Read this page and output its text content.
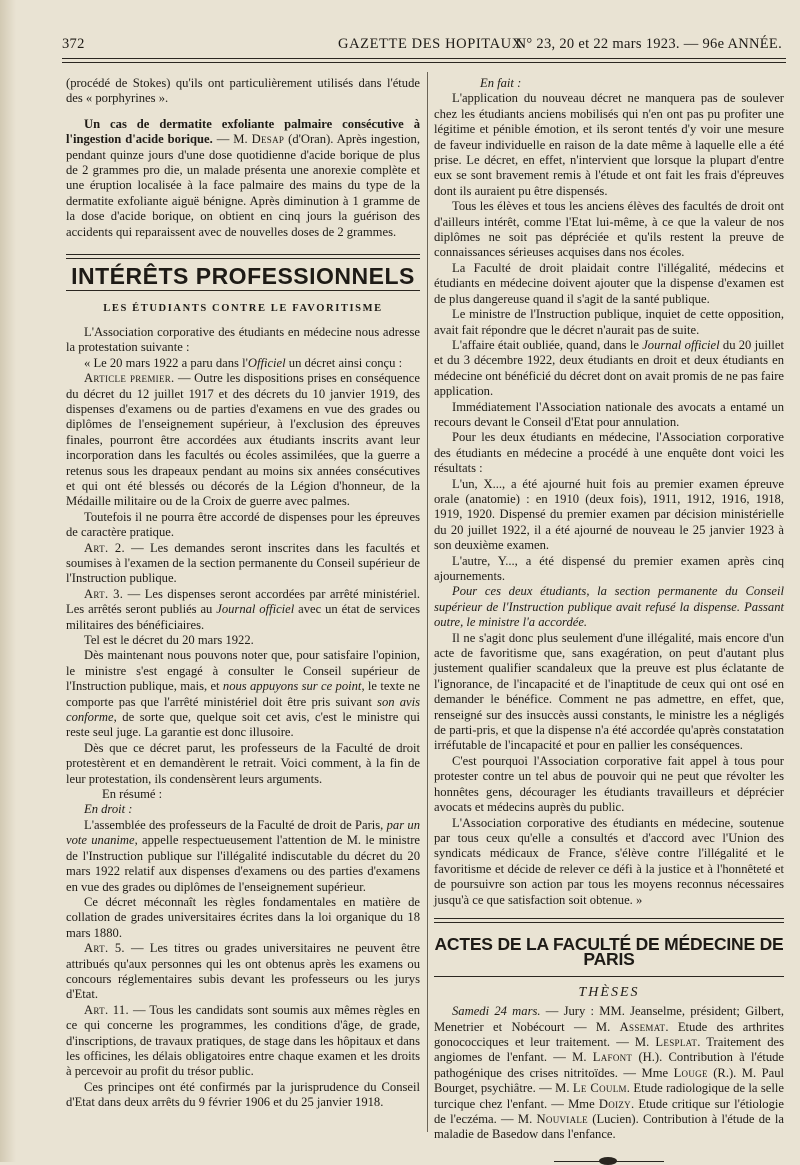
372	GAZETTE DES HOPITAUX
N° 23, 20 et 22 mars 1923. — 96e ANNÉE.

(procédé de Stokes) qu'ils ont particulièrement utilisés dans l'étude des « porphyrines ».

Un cas de dermatite exfoliante palmaire consécutive à l'ingestion d'acide borique. — M. Desap (d'Oran). Après ingestion, pendant quinze jours d'une dose quotidienne d'acide borique de plus de 2 grammes pro die, un malade présenta une anorexie complète et une éruption localisée à la face palmaire des mains du type de la dermatite exfoliante aiguë bénigne. Après diminution à 1 gramme de la dose d'acide borique, on obtient en cinq jours la guérison des accidents qui reparaissent avec de nouvelles doses de 2 grammes.

INTÉRÊTS PROFESSIONNELS

LES ÉTUDIANTS CONTRE LE FAVORITISME

L'Association corporative des étudiants en médecine nous adresse la protestation suivante :

« Le 20 mars 1922 a paru dans l'Officiel un décret ainsi conçu :

Article premier. — Outre les dispositions prises en conséquence du décret du 12 juillet 1917 et des décrets du 10 janvier 1919, des dispenses d'examens ou de parties d'examens en vue des grades ou diplômes de l'enseignement supérieur, à l'exclusion des épreuves finales, pourront être accordées aux étudiants inscrits avant leur incorporation dans les facultés ou écoles assimilées, que la guerre a retenus sous les drapeaux pendant au moins six années consécutives et qui ont été blessés ou décorés de la Légion d'honneur, de la Médaille militaire ou de la Croix de guerre avec palmes.

Toutefois il ne pourra être accordé de dispenses pour les épreuves de caractère pratique.

Art. 2. — Les demandes seront inscrites dans les facultés et soumises à l'examen de la section permanente du Conseil supérieur de l'Instruction publique.

Art. 3. — Les dispenses seront accordées par arrêté ministériel. Les arrêtés seront publiés au Journal officiel avec un état de services militaires des bénéficiaires.

Tel est le décret du 20 mars 1922.

Dès maintenant nous pouvons noter que, pour satisfaire l'opinion, le ministre s'est engagé à consulter le Conseil supérieur de l'Instruction publique, mais, et nous appuyons sur ce point, le texte ne comporte pas que l'arrêté ministériel doit être pris suivant son avis conforme, de sorte que, quelque soit cet avis, c'est le ministre qui reste seul juge. La garantie est donc illusoire.

Dès que ce décret parut, les professeurs de la Faculté de droit protestèrent et en demandèrent le retrait. Voici comment, à la fin de leur protestation, ils condensèrent leurs arguments.

En résumé :

En droit :

L'assemblée des professeurs de la Faculté de droit de Paris, par un vote unanime, appelle respectueusement l'attention de M. le ministre de l'Instruction publique sur l'illégalité indiscutable du décret du 20 mars 1922 relatif aux dispenses d'examens ou des parties d'examens en vue des grades ou diplômes de l'enseignement supérieur.

Ce décret méconnaît les règles fondamentales en matière de collation de grades universitaires écrites dans la loi organique du 18 mars 1880.

Art. 5. — Les titres ou grades universitaires ne peuvent être attribués qu'aux personnes qui les ont obtenus après les examens ou concours réglementaires subis devant les professeurs ou les jurys d'Etat.

Art. 11. — Tous les candidats sont soumis aux mêmes règles en ce qui concerne les programmes, les conditions d'âge, de grade, d'inscriptions, de travaux pratiques, de stage dans les hôpitaux et dans les officines, les délais obligatoires entre chaque examen et les droits à percevoir au profit du trésor public.

Ces principes ont été confirmés par la jurisprudence du Conseil d'Etat dans deux arrêts du 9 février 1906 et du 25 janvier 1918.

En fait :

L'application du nouveau décret ne manquera pas de soulever chez les étudiants anciens mobilisés qui n'en ont pas pu profiter une légitime et pénible émotion, et ils seront tentés d'y voir une mesure de faveur individuelle en raison de la date même à laquelle elle a été prise. Le décret, en effet, n'intervient que lorsque la plupart d'entre eux se sont bravement remis à l'étude et ont fait les frais d'épreuves dont ils auraient pu être dispensés.

Tous les élèves et tous les anciens élèves des facultés de droit ont d'ailleurs intérêt, comme l'Etat lui-même, à ce que la valeur de nos diplômes ne soit pas dépréciée et qu'ils restent la preuve de connaissances sérieuses acquises dans nos écoles.

La Faculté de droit plaidait contre l'illégalité, médecins et étudiants en médecine doivent ajouter que la dispense d'examen est de plus dangereuse quand il s'agit de la santé publique.

Le ministre de l'Instruction publique, inquiet de cette opposition, avait fait répondre que le décret n'aurait pas de suite.

L'affaire était oubliée, quand, dans le Journal officiel du 20 juillet et du 3 décembre 1922, deux étudiants en droit et deux étudiants en médecine ont bénéficié du décret dont on avait promis de ne pas faire application.

Immédiatement l'Association nationale des avocats a entamé un recours devant le Conseil d'Etat pour annulation.

Pour les deux étudiants en médecine, l'Association corporative des étudiants en médecine a procédé à une enquête dont voici les résultats :

L'un, X..., a été ajourné huit fois au premier examen épreuve orale (anatomie) : en 1910 (deux fois), 1911, 1912, 1916, 1918, 1919, 1920. Dispensé du premier examen par décision ministérielle du 20 juillet 1922, il a été ajourné de nouveau le 25 janvier 1923 à son deuxième examen.

L'autre, Y..., a été dispensé du premier examen après cinq ajournements.

Pour ces deux étudiants, la section permanente du Conseil supérieur de l'Instruction publique avait refusé la dispense. Passant outre, le ministre l'a accordée.

Il ne s'agit donc plus seulement d'une illégalité, mais encore d'un acte de favoritisme que, sans exagération, on peut d'autant plus justement qualifier scandaleux que la preuve est plus éclatante de l'ignorance, de l'incapacité et de l'inaptitude de ceux qui ont osé en demander le bénéfice. Comment ne pas admettre, en effet, que, renseigné sur des insuccès aussi constants, le ministre les a négligés de parti-pris, et que la dispense n'a été accordée qu'après constatation irréfutable de l'incapacité et pour en pallier les conséquences.

C'est pourquoi l'Association corporative fait appel à tous pour protester contre un tel abus de pouvoir qui ne peut que révolter les honnêtes gens, décourager les étudiants travailleurs et déprécier avocats et médecins auprès du public.

L'Association corporative des étudiants en médecine, soutenue par tous ceux qu'elle a consultés et d'accord avec l'Union des syndicats médicaux de France, s'élève contre l'illégalité et le favoritisme et décide de relever ce défi à la justice et à l'honnêteté et de poursuivre son action par tous les moyens reconnus nécessaires jusqu'à ce que satisfaction soit obtenue. »

ACTES DE LA FACULTÉ DE MÉDECINE DE PARIS

THÈSES

Samedi 24 mars. — Jury : MM. Jeanselme, président; Gilbert, Menetrier et Nobécourt — M. Assemat. Etude des arthrites gonococciques et leur traitement. — M. Lesplat. Traitement des angiomes de l'enfant. — M. Lafont (H.). Contribution à l'étude pathogénique des crises nitritoïdes. — Mme Louge (R.). M. Paul Bourget, psychiâtre. — M. Le Coulm. Etude radiologique de la selle turcique chez l'enfant. — Mme Doizy. Etude critique sur l'étiologie de l'eczéma. — M. Nouviale (Lucien). Contribution à l'étude de la maladie de Basedow dans l'enfance.
